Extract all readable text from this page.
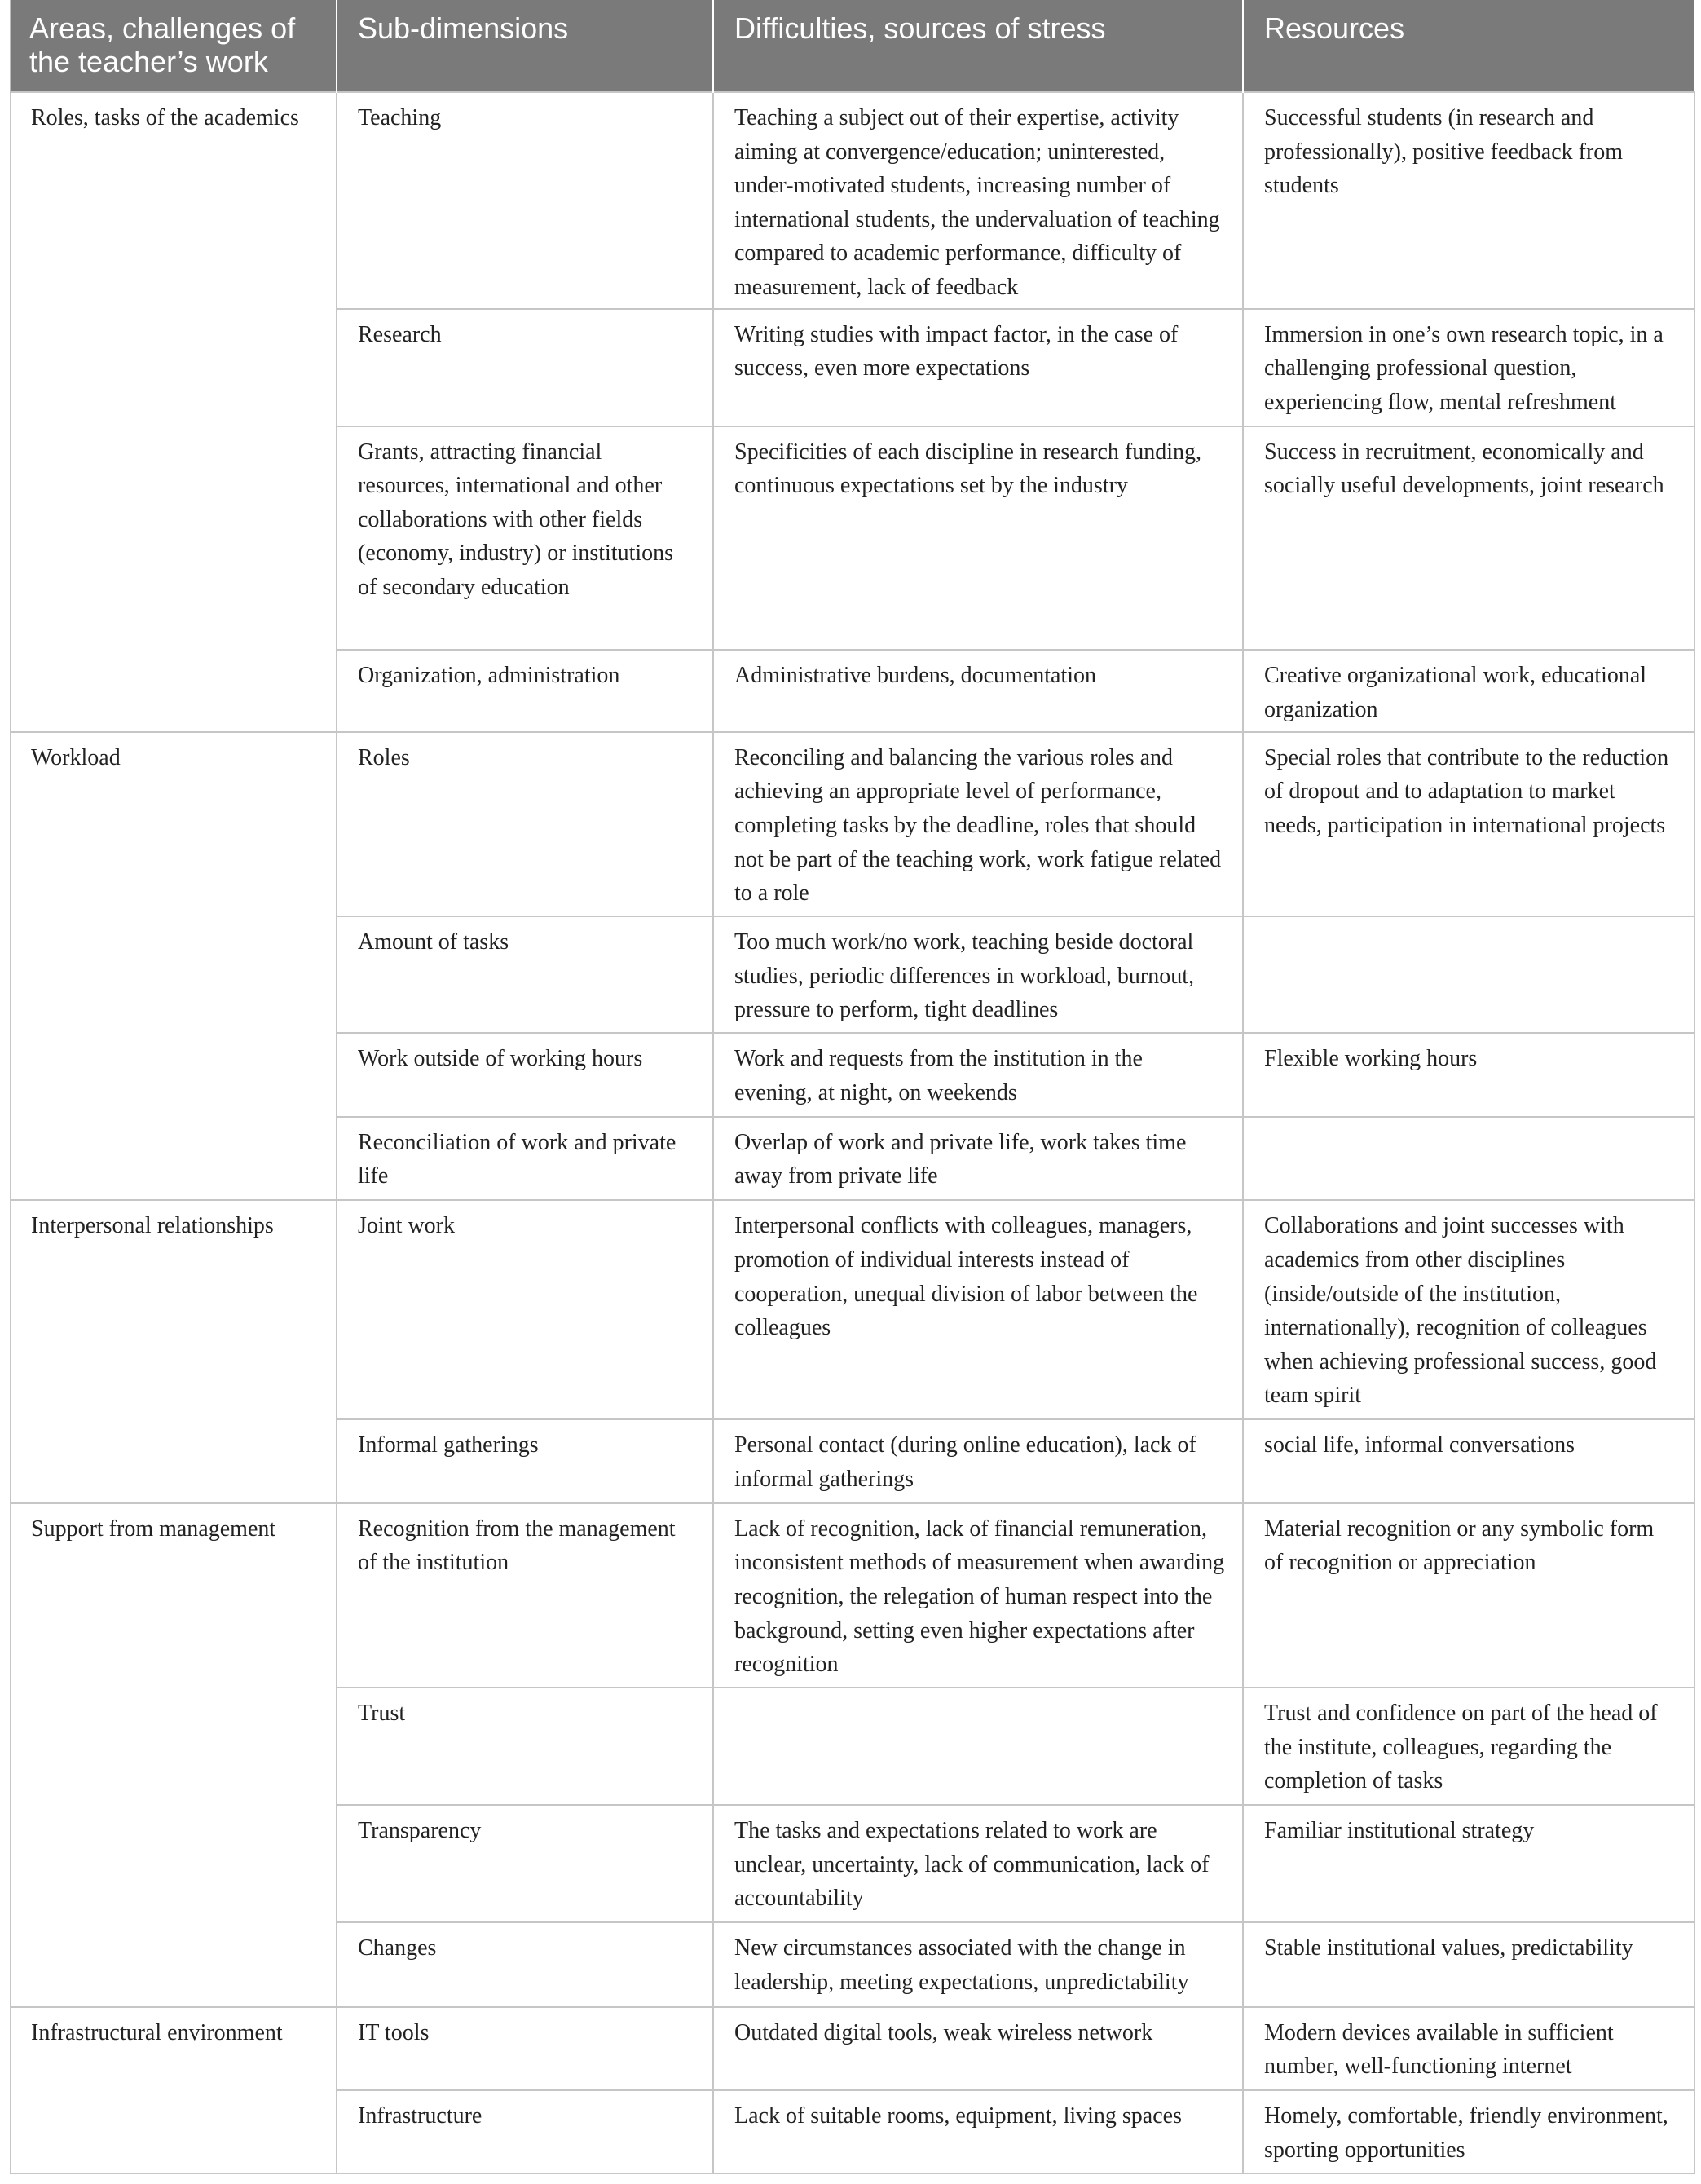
Areas, challenges of the teacher’s work	Sub-dimensions	Difficulties, sources of stress	Resources
Roles, tasks of the academics	Teaching	Teaching a subject out of their expertise, activity aiming at convergence/education; uninterested, under-motivated students, increasing number of international students, the undervaluation of teaching compared to academic performance, difficulty of measurement, lack of feedback	Successful students (in research and professionally), positive feedback from students
	Research	Writing studies with impact factor, in the case of success, even more expectations	Immersion in one’s own research topic, in a challenging professional question, experiencing flow, mental refreshment
	Grants, attracting financial resources, international and other collaborations with other fields (economy, industry) or institutions of secondary education	Specificities of each discipline in research funding, continuous expectations set by the industry	Success in recruitment, economically and socially useful developments, joint research
	Organization, administration	Administrative burdens, documentation	Creative organizational work, educational organization
Workload	Roles	Reconciling and balancing the various roles and achieving an appropriate level of performance, completing tasks by the deadline, roles that should not be part of the teaching work, work fatigue related to a role	Special roles that contribute to the reduction of dropout and to adaptation to market needs, participation in international projects
	Amount of tasks	Too much work/no work, teaching beside doctoral studies, periodic differences in workload, burnout, pressure to perform, tight deadlines	
	Work outside of working hours	Work and requests from the institution in the evening, at night, on weekends	Flexible working hours
	Reconciliation of work and private life	Overlap of work and private life, work takes time away from private life	
Interpersonal relationships	Joint work	Interpersonal conflicts with colleagues, managers, promotion of individual interests instead of cooperation, unequal division of labor between the colleagues	Collaborations and joint successes with academics from other disciplines (inside/outside of the institution, internationally), recognition of colleagues when achieving professional success, good team spirit
	Informal gatherings	Personal contact (during online education), lack of informal gatherings	social life, informal conversations
Support from management	Recognition from the management of the institution	Lack of recognition, lack of financial remuneration, inconsistent methods of measurement when awarding recognition, the relegation of human respect into the background, setting even higher expectations after recognition	Material recognition or any symbolic form of recognition or appreciation
	Trust		Trust and confidence on part of the head of the institute, colleagues, regarding the completion of tasks
	Transparency	The tasks and expectations related to work are unclear, uncertainty, lack of communication, lack of accountability	Familiar institutional strategy
	Changes	New circumstances associated with the change in leadership, meeting expectations, unpredictability	Stable institutional values, predictability
Infrastructural environment	IT tools	Outdated digital tools, weak wireless network	Modern devices available in sufficient number, well-functioning internet
	Infrastructure	Lack of suitable rooms, equipment, living spaces	Homely, comfortable, friendly environment, sporting opportunities
